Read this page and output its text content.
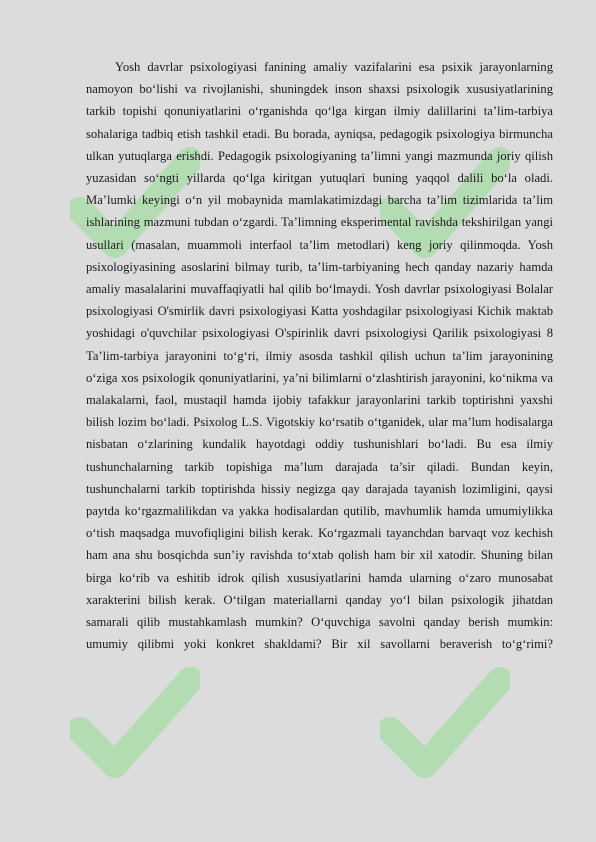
Yosh davrlar psixologiyasi fanining amaliy vazifalarini esa psixik jarayonlarning namoyon bo‘lishi va rivojlanishi, shuningdek inson shaxsi psixologik xususiyatlarining tarkib topishi qonuniyatlarini o‘rganishda qo‘lga kirgan ilmiy dalillarini ta’lim-tarbiya sohalariga tadbiq etish tashkil etadi. Bu borada, ayniqsa, pedagogik psixologiya birmuncha ulkan yutuqlarga erishdi. Pedagogik psixologiyaning ta’limni yangi mazmunda joriy qilish yuzasidan so‘ngti yillarda qo‘lga kiritgan yutuqlari buning yaqqol dalili bo‘la oladi. Ma’lumki keyingi o‘n yil mobaynida mamlakatimizdagi barcha ta’lim tizimlarida ta’lim ishlarining mazmuni tubdan o‘zgardi. Ta’limning eksperimental ravishda tekshirilgan yangi usullari (masalan, muammoli interfaol ta’lim metodlari) keng joriy qilinmoqda. Yosh psixologiyasining asoslarini bilmay turib, ta’lim-tarbiyaning hech qanday nazariy hamda amaliy masalalarini muvaffaqiyatli hal qilib bo‘lmaydi. Yosh davrlar psixologiyasi Bolalar psixologiyasi O'smirlik davri psixologiyasi Katta yoshdagilar psixologiyasi Kichik maktab yoshidagi o'quvchilar psixologiyasi O'spirinlik davri psixologiysi Qarilik psixologiyasi 8 Ta’lim-tarbiya jarayonini to‘g‘ri, ilmiy asosda tashkil qilish uchun ta’lim jarayonining o‘ziga xos psixologik qonuniyatlarini, ya’ni bilimlarni o‘zlashtirish jarayonini, ko‘nikma va malakalarni, faol, mustaqil hamda ijobiy tafakkur jarayonlarini tarkib toptirishni yaxshi bilish lozim bo‘ladi. Psixolog L.S. Vigotskiy ko‘rsatib o‘tganidek, ular ma’lum hodisalarga nisbatan o‘zlarining kundalik hayotdagi oddiy tushunishlari bo‘ladi. Bu esa ilmiy tushunchalarning tarkib topishiga ma’lum darajada ta’sir qiladi. Bundan keyin, tushunchalarni tarkib toptirishda hissiy negizga qay darajada tayanish lozimligini, qaysi paytda ko‘rgazmalilikdan va yakka hodisalardan qutilib, mavhumlik hamda umumiylikka o‘tish maqsadga muvofiqligini bilish kerak. Ko‘rgazmali tayanchdan barvaqt voz kechish ham ana shu bosqichda sun’iy ravishda to‘xtab qolish ham bir xil xatodir. Shuning bilan birga ko‘rib va eshitib idrok qilish xususiyatlarini hamda ularning o‘zaro munosabat xarakterini bilish kerak. O‘tilgan materiallarni qanday yo‘l bilan psixologik jihatdan samarali qilib mustahkamlash mumkin? O‘quvchiga savolni qanday berish mumkin: umumiy qilibmi yoki konkret shakldami? Bir xil savollarni beraverish to‘g‘rimi?
